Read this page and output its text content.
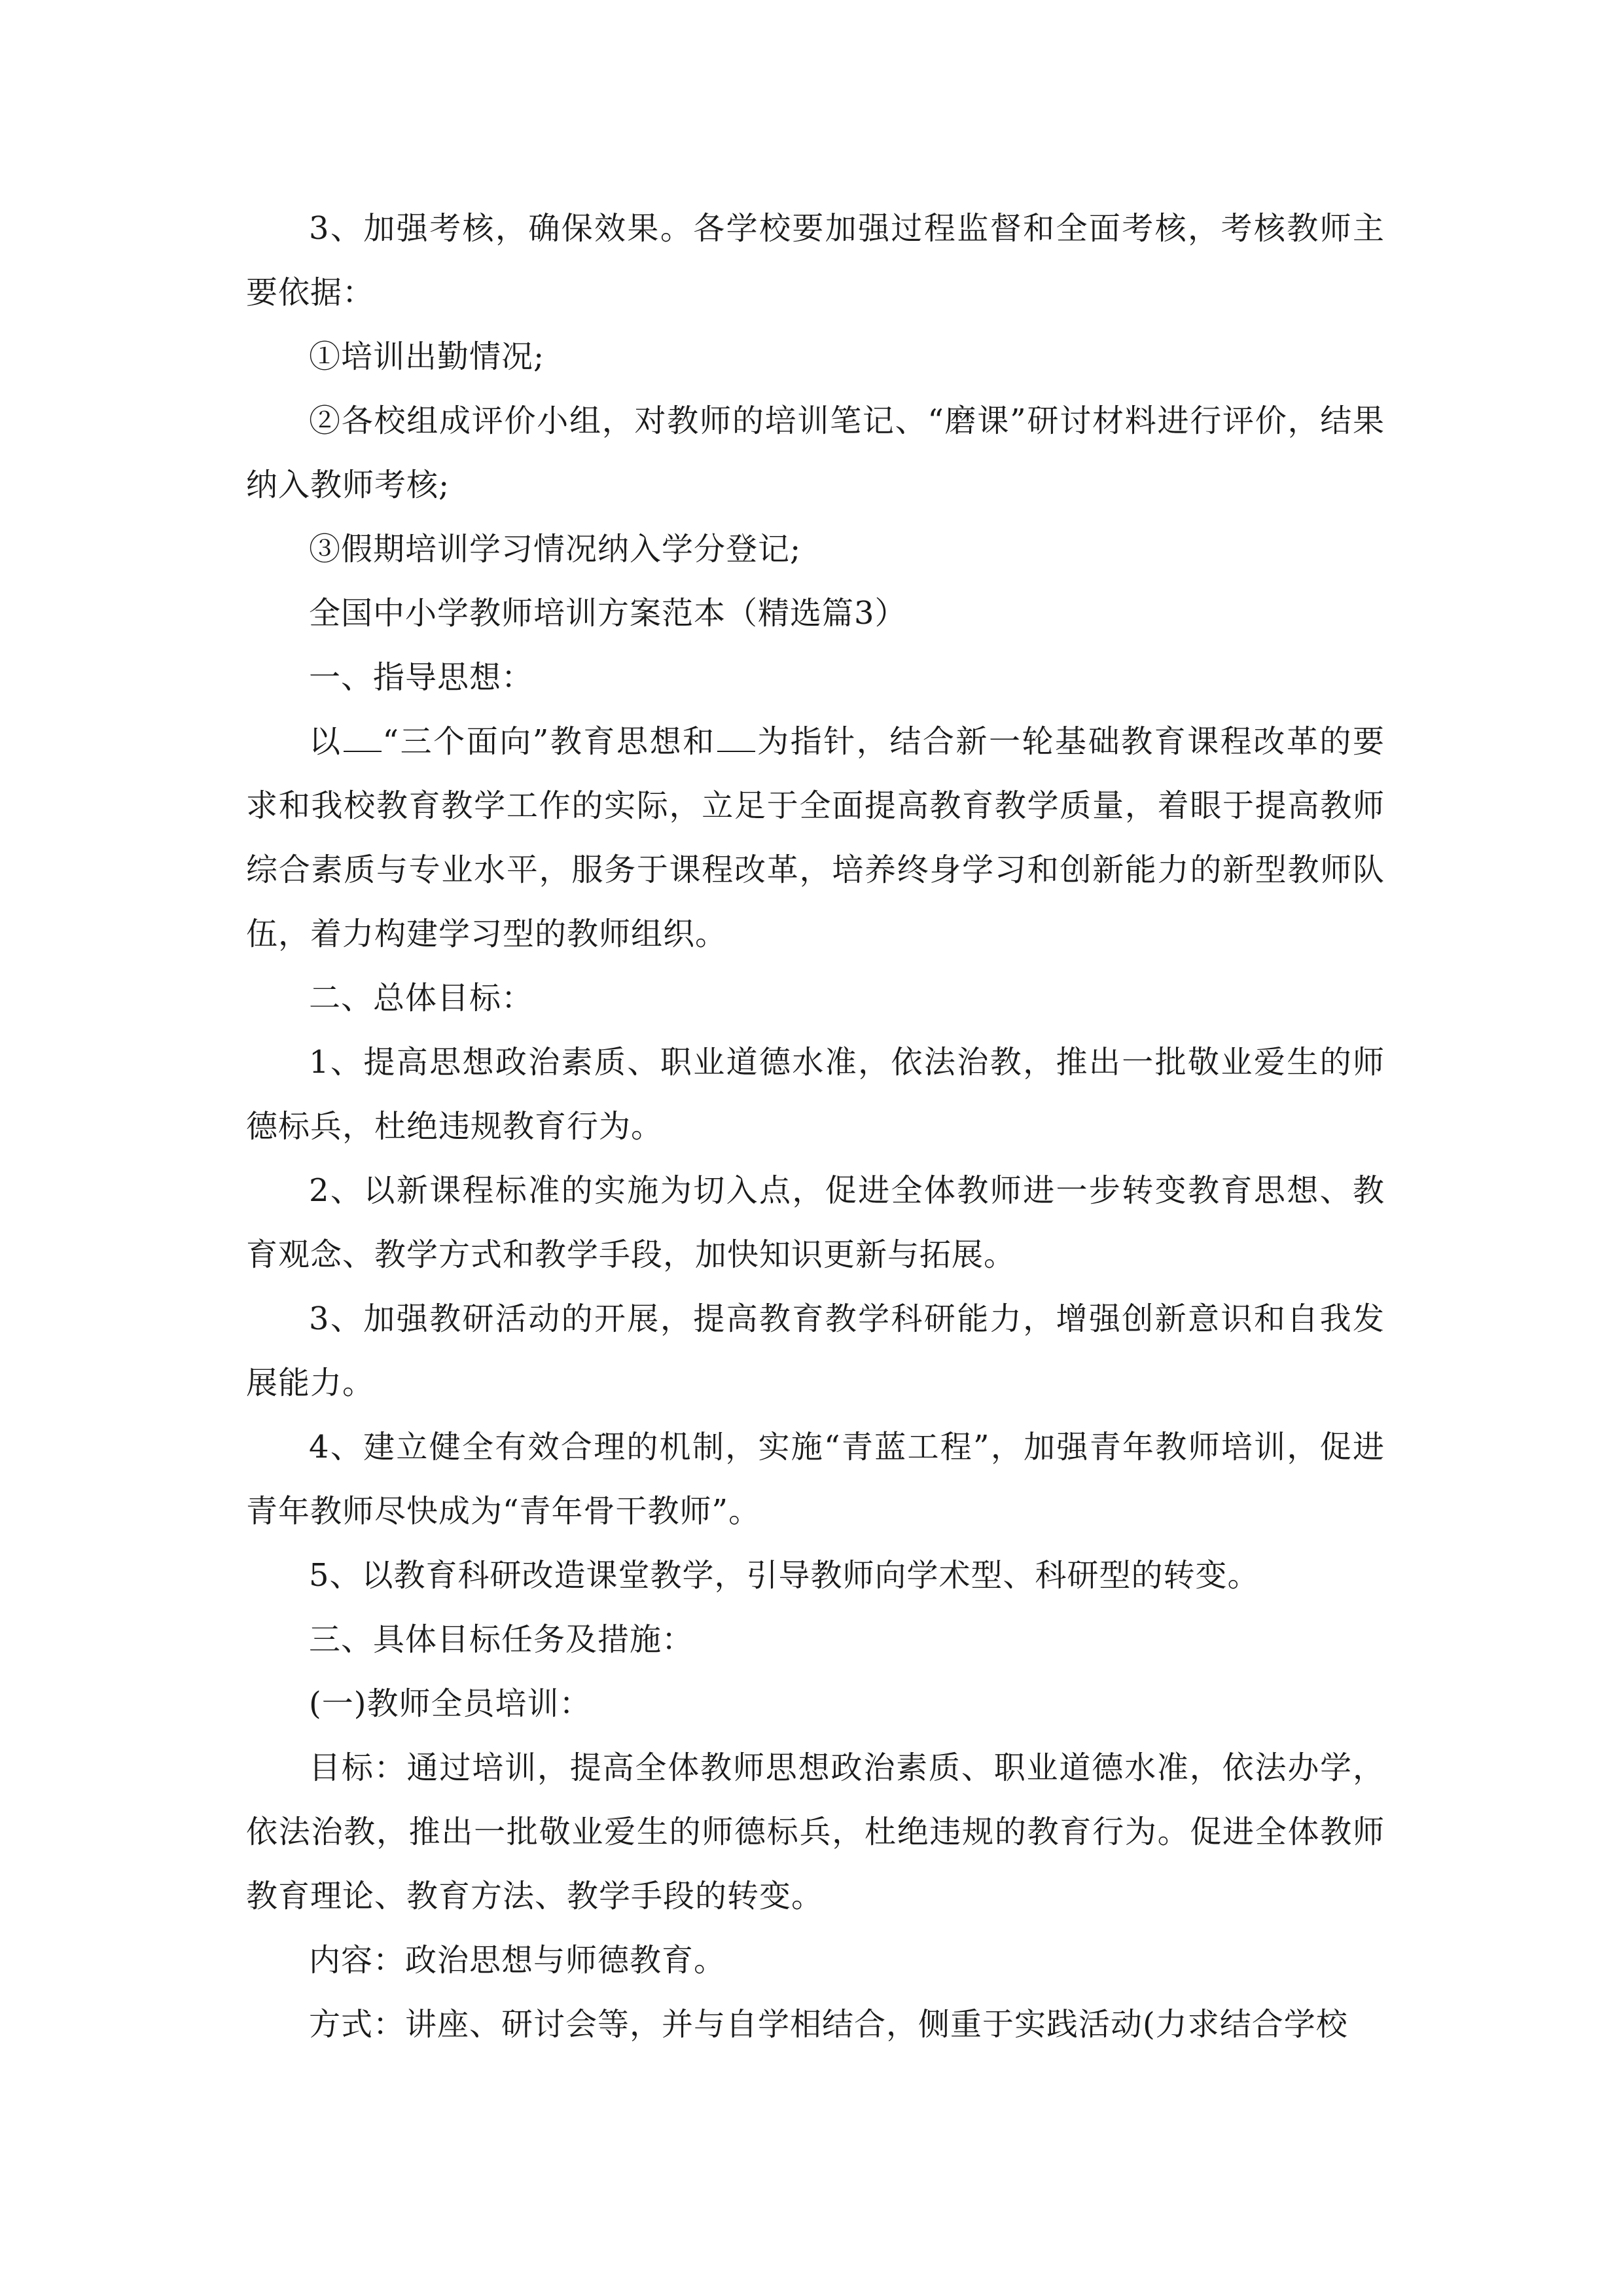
3、加强考核，确保效果。各学校要加强过程监督和全面考核，考核教师主要依据：

①培训出勤情况;

②各校组成评价小组，对教师的培训笔记、“磨课”研讨材料进行评价，结果纳入教师考核;

③假期培训学习情况纳入学分登记;

全国中小学教师培训方案范本（精选篇3）

一、指导思想：

以 “三个面向”教育思想和 为指针，结合新一轮基础教育课程改革的要求和我校教育教学工作的实际，立足于全面提高教育教学质量，着眼于提高教师综合素质与专业水平，服务于课程改革，培养终身学习和创新能力的新型教师队伍，着力构建学习型的教师组织。

二、总体目标：

1、提高思想政治素质、职业道德水准，依法治教，推出一批敬业爱生的师德标兵，杜绝违规教育行为。

2、以新课程标准的实施为切入点，促进全体教师进一步转变教育思想、教育观念、教学方式和教学手段，加快知识更新与拓展。

3、加强教研活动的开展，提高教育教学科研能力，增强创新意识和自我发展能力。

4、建立健全有效合理的机制，实施“青蓝工程”，加强青年教师培训，促进青年教师尽快成为“青年骨干教师”。

5、以教育科研改造课堂教学，引导教师向学术型、科研型的转变。

三、具体目标任务及措施：

(一)教师全员培训：

目标：通过培训，提高全体教师思想政治素质、职业道德水准，依法办学，依法治教，推出一批敬业爱生的师德标兵，杜绝违规的教育行为。促进全体教师教育理论、教育方法、教学手段的转变。

内容：政治思想与师德教育。

方式：讲座、研讨会等，并与自学相结合，侧重于实践活动(力求结合学校
